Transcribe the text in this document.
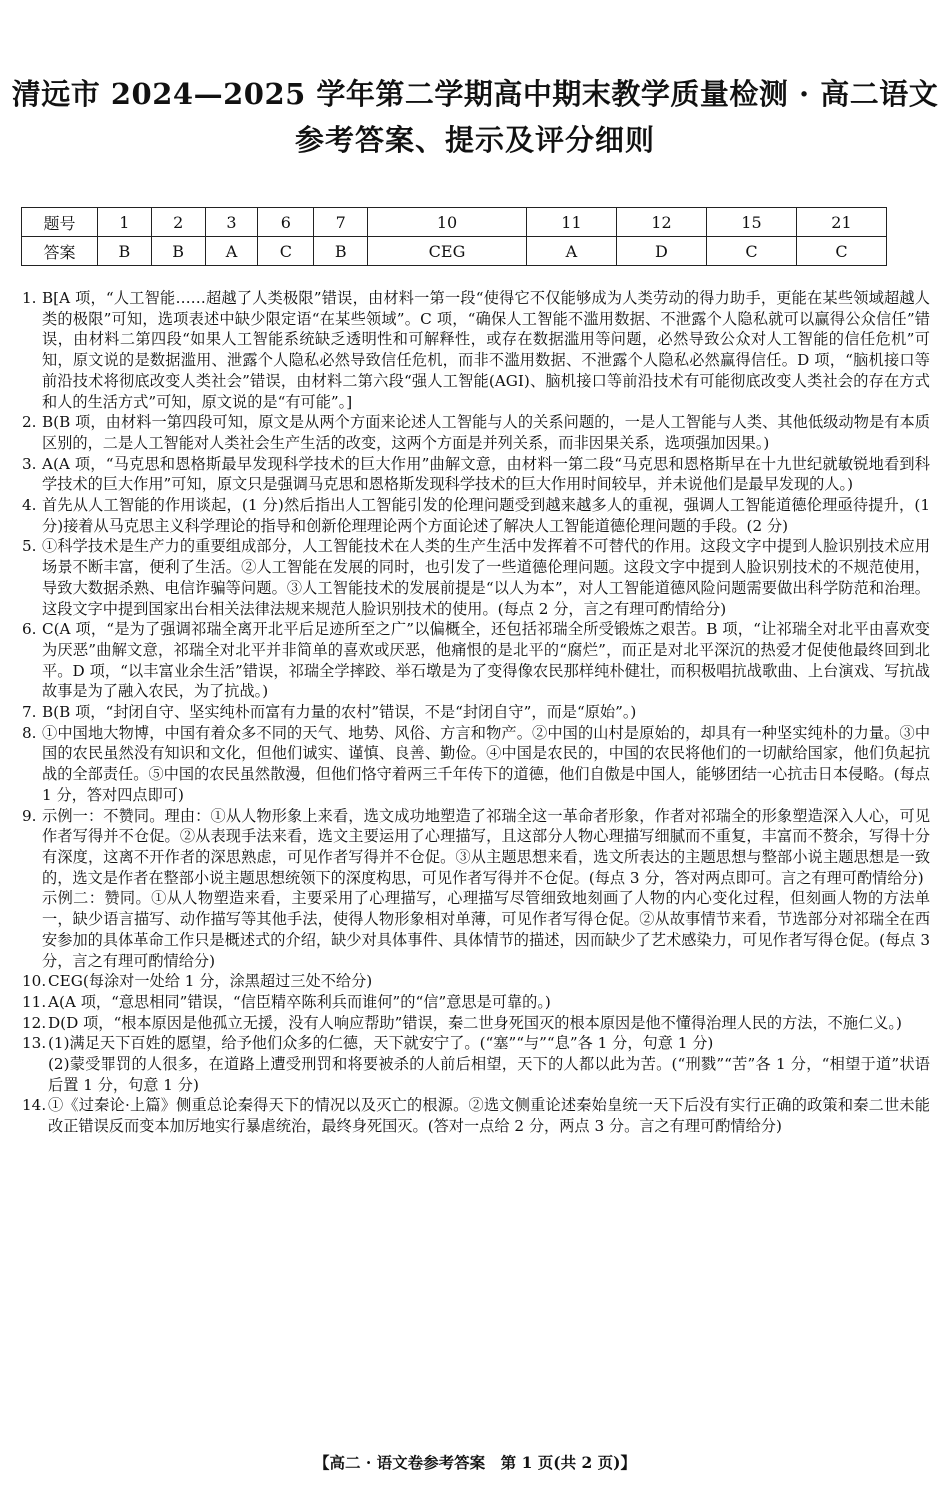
清远市 2024—2025 学年第二学期高中期末教学质量检测 · 高二语文
参考答案、提示及评分细则
题号	1	2	3	6	7	10	11	12	15	21
答案	B	B	A	C	B	CEG	A	D	C	C
1. B[A 项，“人工智能……超越了人类极限”错误，由材料一第一段“使得它不仅能够成为人类劳动的得力助手，更能在某些领域超越人类的极限”可知，选项表述中缺少限定语“在某些领域”。C 项，“确保人工智能不滥用数据、不泄露个人隐私就可以赢得公众信任”错误，由材料二第四段“如果人工智能系统缺乏透明性和可解释性，或存在数据滥用等问题，必然导致公众对人工智能的信任危机”可知，原文说的是数据滥用、泄露个人隐私必然导致信任危机，而非不滥用数据、不泄露个人隐私必然赢得信任。D 项，“脑机接口等前沿技术将彻底改变人类社会”错误，由材料二第六段“强人工智能(AGI)、脑机接口等前沿技术有可能彻底改变人类社会的存在方式和人的生活方式”可知，原文说的是“有可能”。]
2. B(B 项，由材料一第四段可知，原文是从两个方面来论述人工智能与人的关系问题的，一是人工智能与人类、其他低级动物是有本质区别的，二是人工智能对人类社会生产生活的改变，这两个方面是并列关系，而非因果关系，选项强加因果。)
3. A(A 项，“马克思和恩格斯最早发现科学技术的巨大作用”曲解文意，由材料一第二段“马克思和恩格斯早在十九世纪就敏锐地看到科学技术的巨大作用”可知，原文只是强调马克思和恩格斯发现科学技术的巨大作用时间较早，并未说他们是最早发现的人。)
4. 首先从人工智能的作用谈起，(1 分)然后指出人工智能引发的伦理问题受到越来越多人的重视，强调人工智能道德伦理亟待提升，(1 分)接着从马克思主义科学理论的指导和创新伦理理论两个方面论述了解决人工智能道德伦理问题的手段。(2 分)
5. ①科学技术是生产力的重要组成部分，人工智能技术在人类的生产生活中发挥着不可替代的作用。这段文字中提到人脸识别技术应用场景不断丰富，便利了生活。②人工智能在发展的同时，也引发了一些道德伦理问题。这段文字中提到人脸识别技术的不规范使用，导致大数据杀熟、电信诈骗等问题。③人工智能技术的发展前提是“以人为本”，对人工智能道德风险问题需要做出科学防范和治理。这段文字中提到国家出台相关法律法规来规范人脸识别技术的使用。(每点 2 分，言之有理可酌情给分)
6. C(A 项，“是为了强调祁瑞全离开北平后足迹所至之广”以偏概全，还包括祁瑞全所受锻炼之艰苦。B 项，“让祁瑞全对北平由喜欢变为厌恶”曲解文意，祁瑞全对北平并非简单的喜欢或厌恶，他痛恨的是北平的“腐烂”，而正是对北平深沉的热爱才促使他最终回到北平。D 项，“以丰富业余生活”错误，祁瑞全学摔跤、举石墩是为了变得像农民那样纯朴健壮，而积极唱抗战歌曲、上台演戏、写抗战故事是为了融入农民，为了抗战。)
7. B(B 项，“封闭自守、坚实纯朴而富有力量的农村”错误，不是“封闭自守”，而是“原始”。)
8. ①中国地大物博，中国有着众多不同的天气、地势、风俗、方言和物产。②中国的山村是原始的，却具有一种坚实纯朴的力量。③中国的农民虽然没有知识和文化，但他们诚实、谨慎、良善、勤俭。④中国是农民的，中国的农民将他们的一切献给国家，他们负起抗战的全部责任。⑤中国的农民虽然散漫，但他们恪守着两三千年传下的道德，他们自傲是中国人，能够团结一心抗击日本侵略。(每点 1 分，答对四点即可)
9. 示例一：不赞同。理由：①从人物形象上来看，选文成功地塑造了祁瑞全这一革命者形象，作者对祁瑞全的形象塑造深入人心，可见作者写得并不仓促。②从表现手法来看，选文主要运用了心理描写，且这部分人物心理描写细腻而不重复，丰富而不赘余，写得十分有深度，这离不开作者的深思熟虑，可见作者写得并不仓促。③从主题思想来看，选文所表达的主题思想与整部小说主题思想是一致的，选文是作者在整部小说主题思想统领下的深度构思，可见作者写得并不仓促。(每点 3 分，答对两点即可。言之有理可酌情给分)
示例二：赞同。①从人物塑造来看，主要采用了心理描写，心理描写尽管细致地刻画了人物的内心变化过程，但刻画人物的方法单一，缺少语言描写、动作描写等其他手法，使得人物形象相对单薄，可见作者写得仓促。②从故事情节来看，节选部分对祁瑞全在西安参加的具体革命工作只是概述式的介绍，缺少对具体事件、具体情节的描述，因而缺少了艺术感染力，可见作者写得仓促。(每点 3 分，言之有理可酌情给分)
10. CEG(每涂对一处给 1 分，涂黑超过三处不给分)
11. A(A 项，“意思相同”错误，“信臣精卒陈利兵而谁何”的“信”意思是可靠的。)
12. D(D 项，“根本原因是他孤立无援，没有人响应帮助”错误，秦二世身死国灭的根本原因是他不懂得治理人民的方法，不施仁义。)
13. (1)满足天下百姓的愿望，给予他们众多的仁德，天下就安宁了。(“塞”“与”“息”各 1 分，句意 1 分)
(2)蒙受罪罚的人很多，在道路上遭受刑罚和将要被杀的人前后相望，天下的人都以此为苦。(“刑戮”“苦”各 1 分，“相望于道”状语后置 1 分，句意 1 分)
14. ①《过秦论·上篇》侧重总论秦得天下的情况以及灭亡的根源。②选文侧重论述秦始皇统一天下后没有实行正确的政策和秦二世未能改正错误反而变本加厉地实行暴虐统治，最终身死国灭。(答对一点给 2 分，两点 3 分。言之有理可酌情给分)
【高二 · 语文卷参考答案　第 1 页(共 2 页)】
